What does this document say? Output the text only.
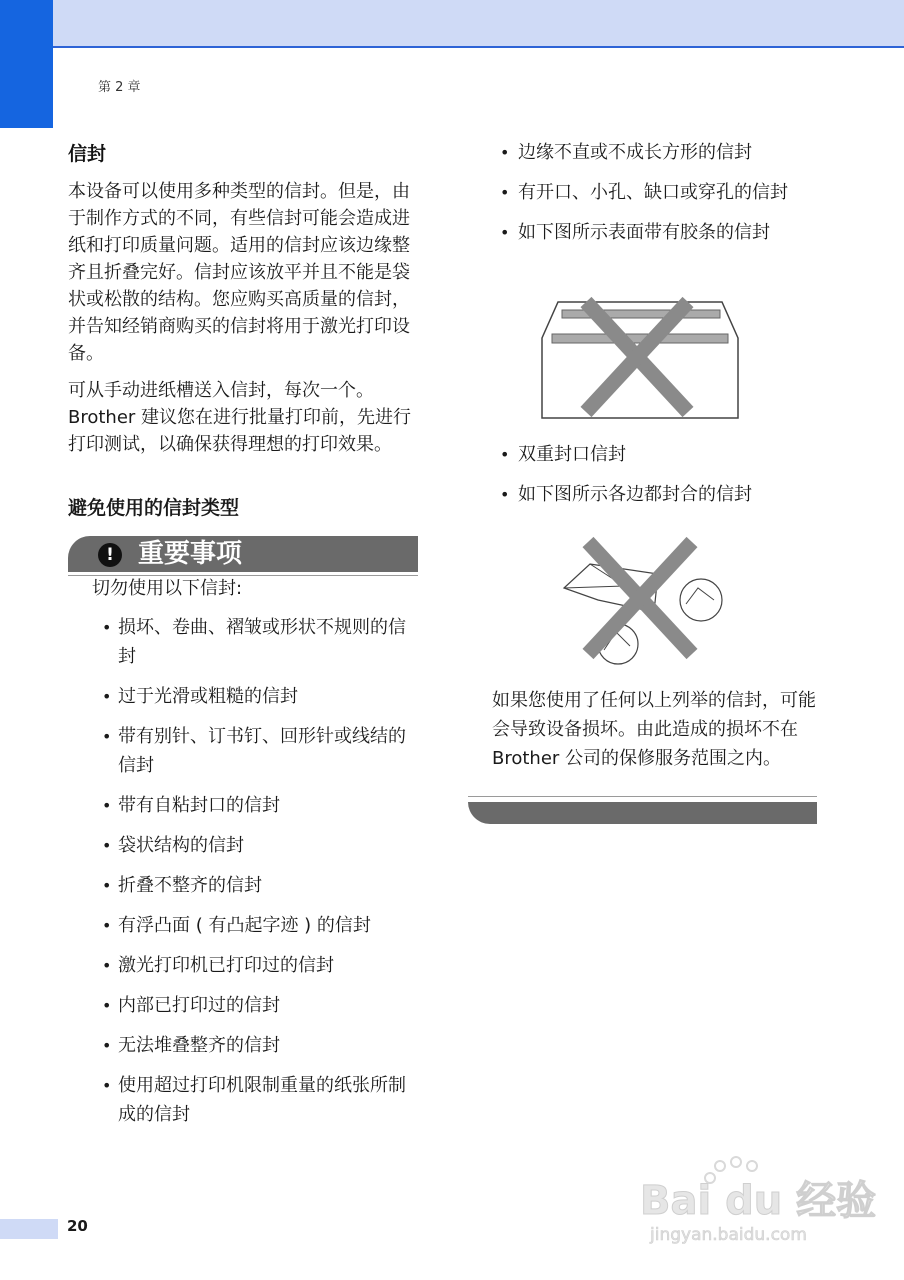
第 2 章
信封

本设备可以使用多种类型的信封。但是，由于制作方式的不同，有些信封可能会造成进纸和打印质量问题。适用的信封应该边缘整齐且折叠完好。信封应该放平并且不能是袋状或松散的结构。您应购买高质量的信封，并告知经销商购买的信封将用于激光打印设备。

可从手动进纸槽送入信封，每次一个。 Brother 建议您在进行批量打印前，先进行打印测试，以确保获得理想的打印效果。

避免使用的信封类型
! 重要事项

切勿使用以下信封:

• 损坏、卷曲、褶皱或形状不规则的信封
• 过于光滑或粗糙的信封
• 带有别针、订书钉、回形针或线结的信封
• 带有自粘封口的信封
• 袋状结构的信封
• 折叠不整齐的信封
• 有浮凸面 ( 有凸起字迹 ) 的信封
• 激光打印机已打印过的信封
• 内部已打印过的信封
• 无法堆叠整齐的信封
• 使用超过打印机限制重量的纸张所制成的信封
• 边缘不直或不成长方形的信封
• 有开口、小孔、缺口或穿孔的信封
• 如下图所示表面带有胶条的信封
• 双重封口信封
• 如下图所示各边都封合的信封
如果您使用了任何以上列举的信封，可能会导致设备损坏。由此造成的损坏不在 Brother 公司的保修服务范围之内。
20
Bai du 经验
jingyan.baidu.com
